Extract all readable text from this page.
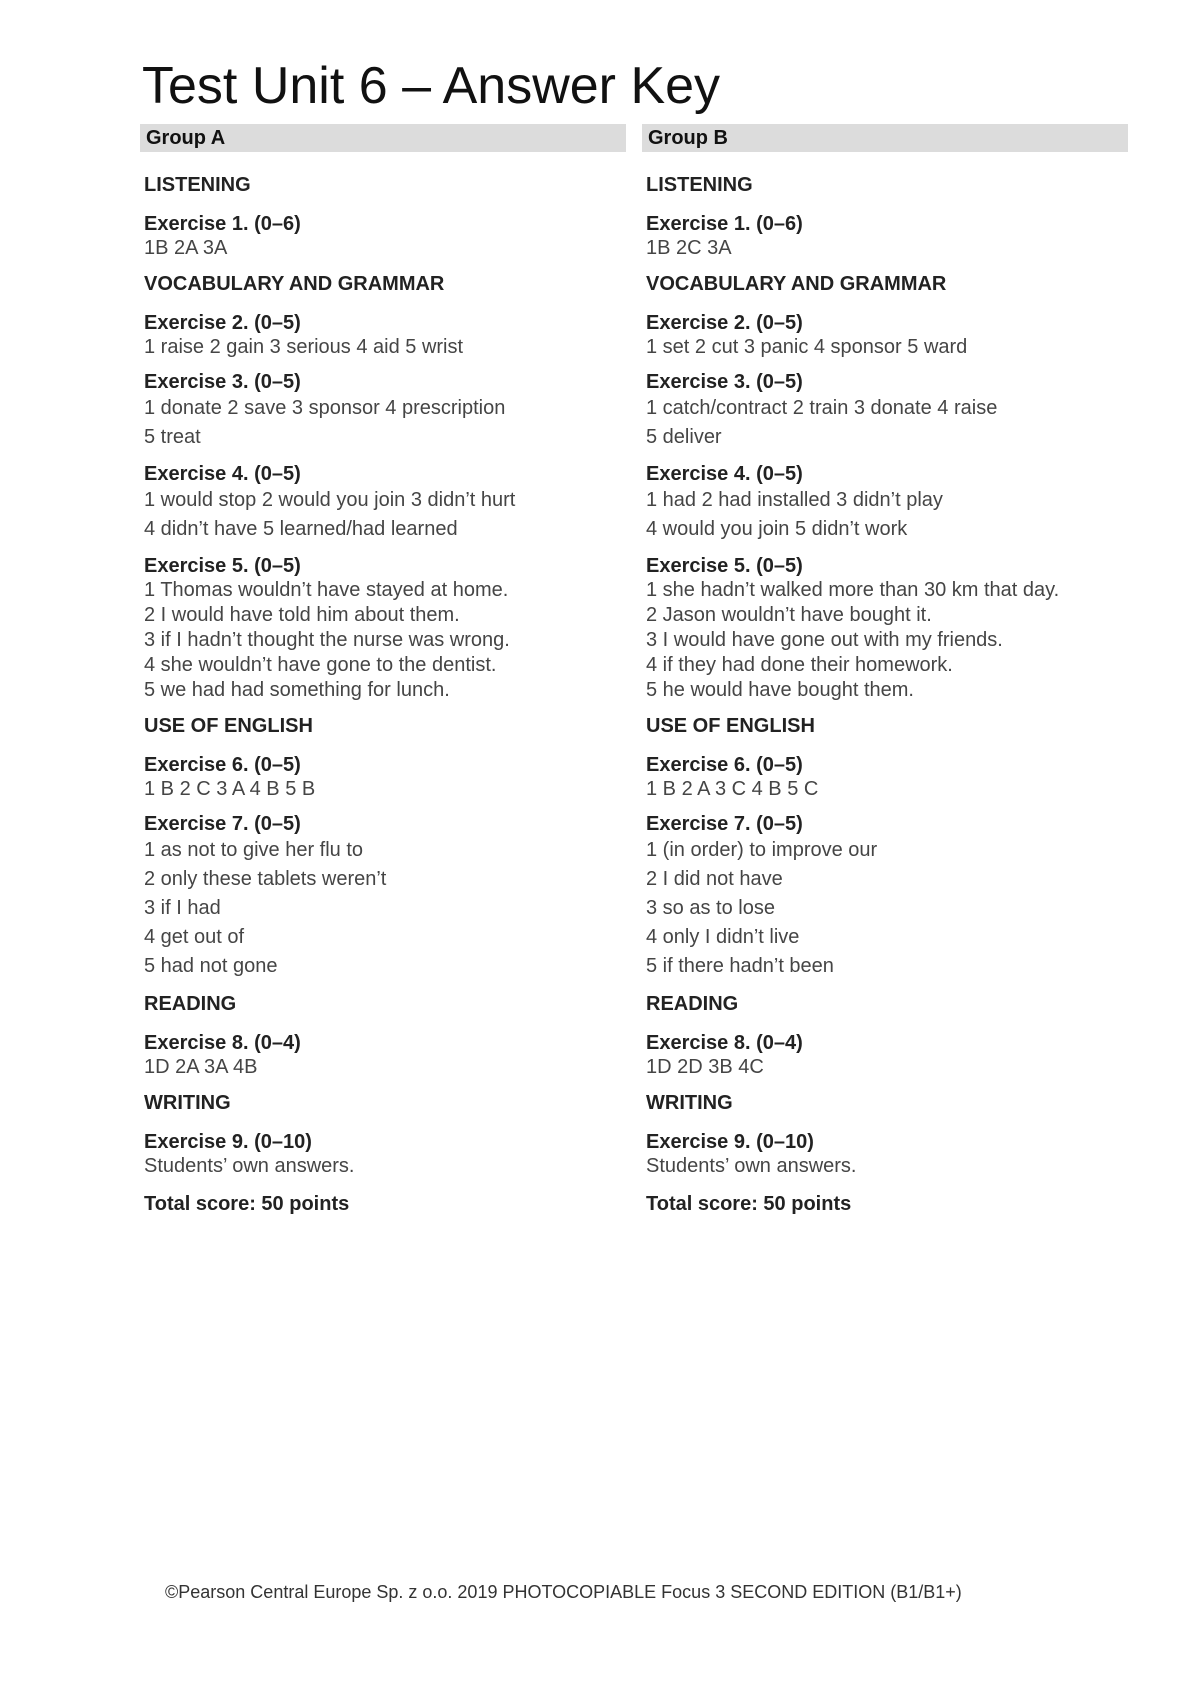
Test Unit 6 – Answer Key
Group A
LISTENING

Exercise 1. (0–6)

1B 2A 3A

VOCABULARY AND GRAMMAR

Exercise 2. (0–5)

1 raise 2 gain 3 serious 4 aid 5 wrist

Exercise 3. (0–5)

1 donate 2 save 3 sponsor 4 prescription

5 treat

Exercise 4. (0–5)

1 would stop 2 would you join 3 didn’t hurt

4 didn’t have 5 learned/had learned

Exercise 5. (0–5)

1 Thomas wouldn’t have stayed at home.

2 I would have told him about them.

3 if I hadn’t thought the nurse was wrong.

4 she wouldn’t have gone to the dentist.

5 we had had something for lunch.

USE OF ENGLISH

Exercise 6. (0–5)

1 B 2 C 3 A 4 B 5 B

Exercise 7. (0–5)

1 as not to give her flu to

2 only these tablets weren’t

3 if I had

4 get out of

5 had not gone

READING

Exercise 8. (0–4)

1D 2A 3A 4B

WRITING

Exercise 9. (0–10)

Students’ own answers.

Total score: 50 points
Group B
LISTENING

Exercise 1. (0–6)

1B 2C 3A

VOCABULARY AND GRAMMAR

Exercise 2. (0–5)

1 set 2 cut 3 panic 4 sponsor 5 ward

Exercise 3. (0–5)

1 catch/contract 2 train 3 donate 4 raise

5 deliver

Exercise 4. (0–5)

1 had 2 had installed 3 didn’t play

4 would you join 5 didn’t work

Exercise 5. (0–5)

1 she hadn’t walked more than 30 km that day.

2 Jason wouldn’t have bought it.

3 I would have gone out with my friends.

4 if they had done their homework.

5 he would have bought them.

USE OF ENGLISH

Exercise 6. (0–5)

1 B 2 A 3 C 4 B 5 C

Exercise 7. (0–5)

1 (in order) to improve our

2 I did not have

3 so as to lose

4 only I didn’t live

5 if there hadn’t been

READING

Exercise 8. (0–4)

1D 2D 3B 4C

WRITING

Exercise 9. (0–10)

Students’ own answers.

Total score: 50 points
©Pearson Central Europe Sp. z o.o. 2019 PHOTOCOPIABLE Focus 3 SECOND EDITION (B1/B1+)
